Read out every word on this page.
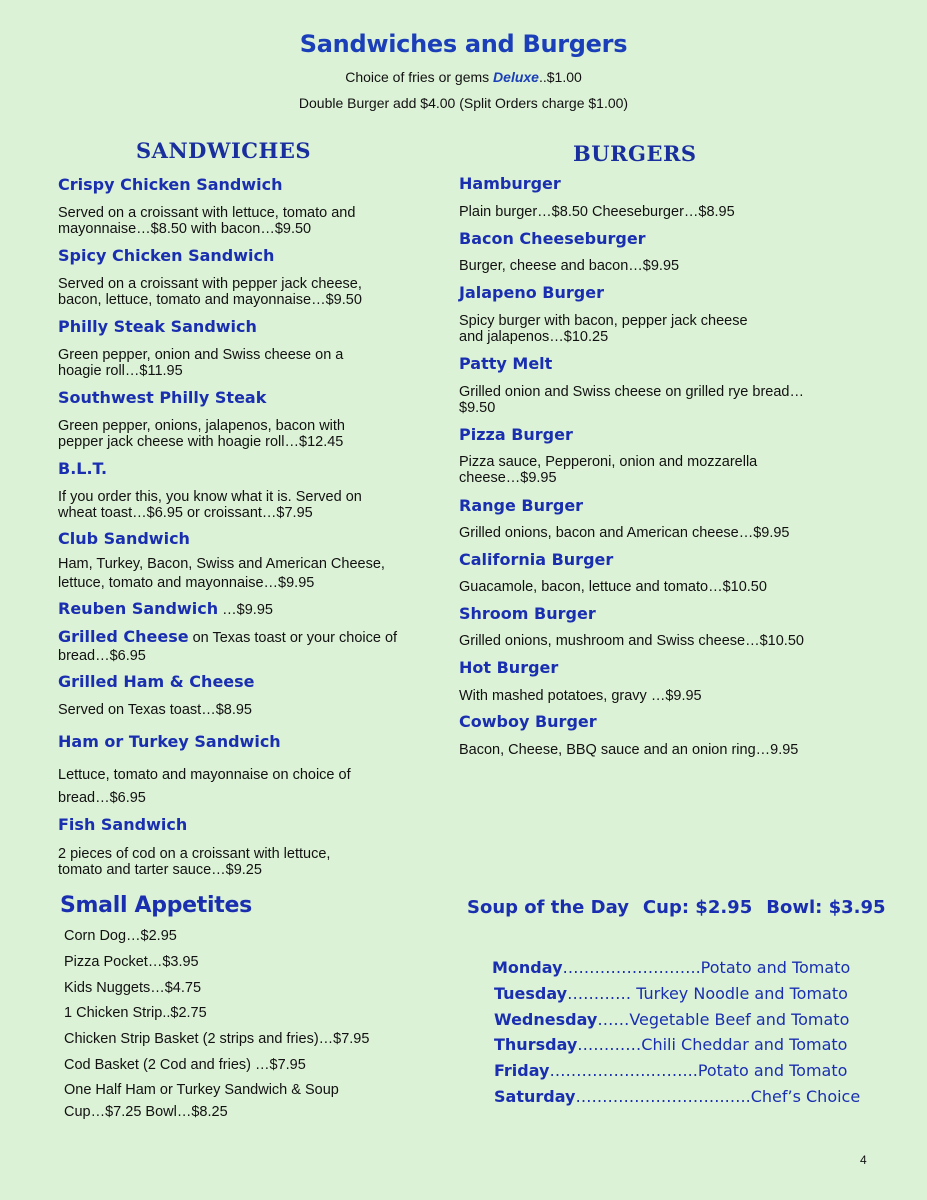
Sandwiches and Burgers
Choice of fries or gems Deluxe..$1.00
Double Burger add $4.00 (Split Orders charge $1.00)
SANDWICHES	BURGERS
Crispy Chicken Sandwich
Served on a croissant with lettuce, tomato and
mayonnaise…$8.50 with bacon…$9.50
Spicy Chicken Sandwich
Served on a croissant with pepper jack cheese,
bacon, lettuce, tomato and mayonnaise…$9.50
Philly Steak Sandwich
Green pepper, onion and Swiss cheese on a
hoagie roll…$11.95
Southwest Philly Steak
Green pepper, onions, jalapenos, bacon with
pepper jack cheese with hoagie roll…$12.45
B.L.T.
If you order this, you know what it is. Served on
wheat toast…$6.95 or croissant…$7.95
Club Sandwich
Ham, Turkey, Bacon, Swiss and American Cheese,
lettuce, tomato and mayonnaise…$9.95
Reuben Sandwich …$9.95
Grilled Cheese on Texas toast or your choice of
bread…$6.95
Grilled Ham & Cheese
Served on Texas toast…$8.95
Ham or Turkey Sandwich
Lettuce, tomato and mayonnaise on choice of
bread…$6.95
Fish Sandwich
2 pieces of cod on a croissant with lettuce,
tomato and tarter sauce…$9.25
Hamburger
Plain burger…$8.50 Cheeseburger…$8.95
Bacon Cheeseburger
Burger, cheese and bacon…$9.95
Jalapeno Burger
Spicy burger with bacon, pepper jack cheese
and jalapenos…$10.25
Patty Melt
Grilled onion and Swiss cheese on grilled rye bread…
$9.50
Pizza Burger
Pizza sauce, Pepperoni, onion and mozzarella
cheese…$9.95
Range Burger
Grilled onions, bacon and American cheese…$9.95
California Burger
Guacamole, bacon, lettuce and tomato…$10.50
Shroom Burger
Grilled onions, mushroom and Swiss cheese…$10.50
Hot Burger
With mashed potatoes, gravy …$9.95
Cowboy Burger
Bacon, Cheese, BBQ sauce and an onion ring…9.95
Small Appetites
Corn Dog…$2.95
Pizza Pocket…$3.95
Kids Nuggets…$4.75
1 Chicken Strip..$2.75
Chicken Strip Basket (2 strips and fries)…$7.95
Cod Basket (2 Cod and fries) …$7.95
One Half Ham or Turkey Sandwich & Soup
Cup…$7.25 Bowl…$8.25
Soup of the Day Cup: $2.95 Bowl: $3.95
Monday……………………..Potato and Tomato
Tuesday………… Turkey Noodle and Tomato
Wednesday……Vegetable Beef and Tomato
Thursday…………Chili Cheddar and Tomato
Friday……………….……...Potato and Tomato
Saturday……………………….…..Chef’s Choice
4
